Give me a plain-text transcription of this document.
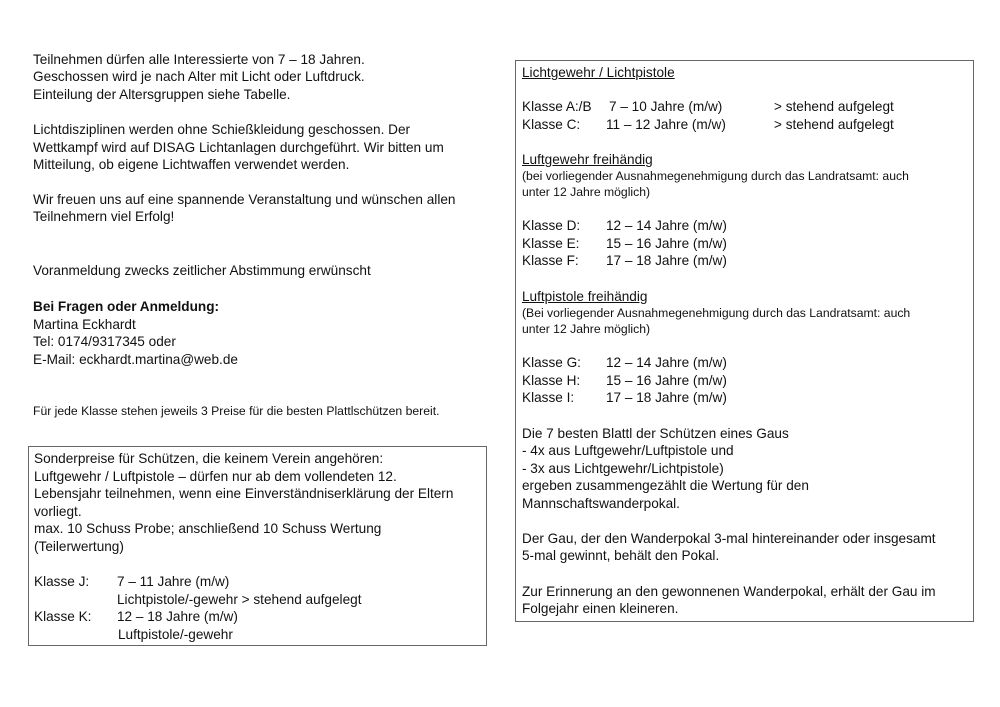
Teilnehmen dürfen alle Interessierte von 7 – 18 Jahren.
Geschossen wird je nach Alter mit Licht oder Luftdruck.
Einteilung der Altersgruppen siehe Tabelle.
Lichtdisziplinen werden ohne Schießkleidung geschossen. Der
Wettkampf wird auf DISAG Lichtanlagen durchgeführt. Wir bitten um
Mitteilung, ob eigene Lichtwaffen verwendet werden.
Wir freuen uns auf eine spannende Veranstaltung und wünschen allen
Teilnehmern viel Erfolg!
Voranmeldung zwecks zeitlicher Abstimmung erwünscht
Bei Fragen oder Anmeldung:
Martina Eckhardt
Tel: 0174/9317345 oder
E-Mail: eckhardt.martina@web.de
Für jede Klasse stehen jeweils 3 Preise für die besten Plattlschützen bereit.
Sonderpreise für Schützen, die keinem Verein angehören:
Luftgewehr / Luftpistole – dürfen nur ab dem vollendeten 12.
Lebensjahr teilnehmen, wenn eine Einverständniserklärung der Eltern
vorliegt.
max. 10 Schuss Probe; anschließend 10 Schuss Wertung
(Teilerwertung)
Klasse J: 7 – 11 Jahre (m/w)
Lichtpistole/-gewehr > stehend aufgelegt
Klasse K: 12 – 18 Jahre (m/w)
Luftpistole/-gewehr
Lichtgewehr / Lichtpistole
Klasse A:/B 7 – 10 Jahre (m/w)	> stehend aufgelegt
Klasse C: 11 – 12 Jahre (m/w)	> stehend aufgelegt
Luftgewehr freihändig
(bei vorliegender Ausnahmegenehmigung durch das Landratsamt: auch
unter 12 Jahre möglich)
Klasse D: 12 – 14 Jahre (m/w)
Klasse E: 15 – 16 Jahre (m/w)
Klasse F: 17 – 18 Jahre (m/w)
Luftpistole freihändig
(Bei vorliegender Ausnahmegenehmigung durch das Landratsamt: auch
unter 12 Jahre möglich)
Klasse G: 12 – 14 Jahre (m/w)
Klasse H: 15 – 16 Jahre (m/w)
Klasse I: 17 – 18 Jahre (m/w)
Die 7 besten Blattl der Schützen eines Gaus
- 4x aus Luftgewehr/Luftpistole und
- 3x aus Lichtgewehr/Lichtpistole)
ergeben zusammengezählt die Wertung für den
Mannschaftswanderpokal.
Der Gau, der den Wanderpokal 3-mal hintereinander oder insgesamt
5-mal gewinnt, behält den Pokal.
Zur Erinnerung an den gewonnenen Wanderpokal, erhält der Gau im
Folgejahr einen kleineren.
